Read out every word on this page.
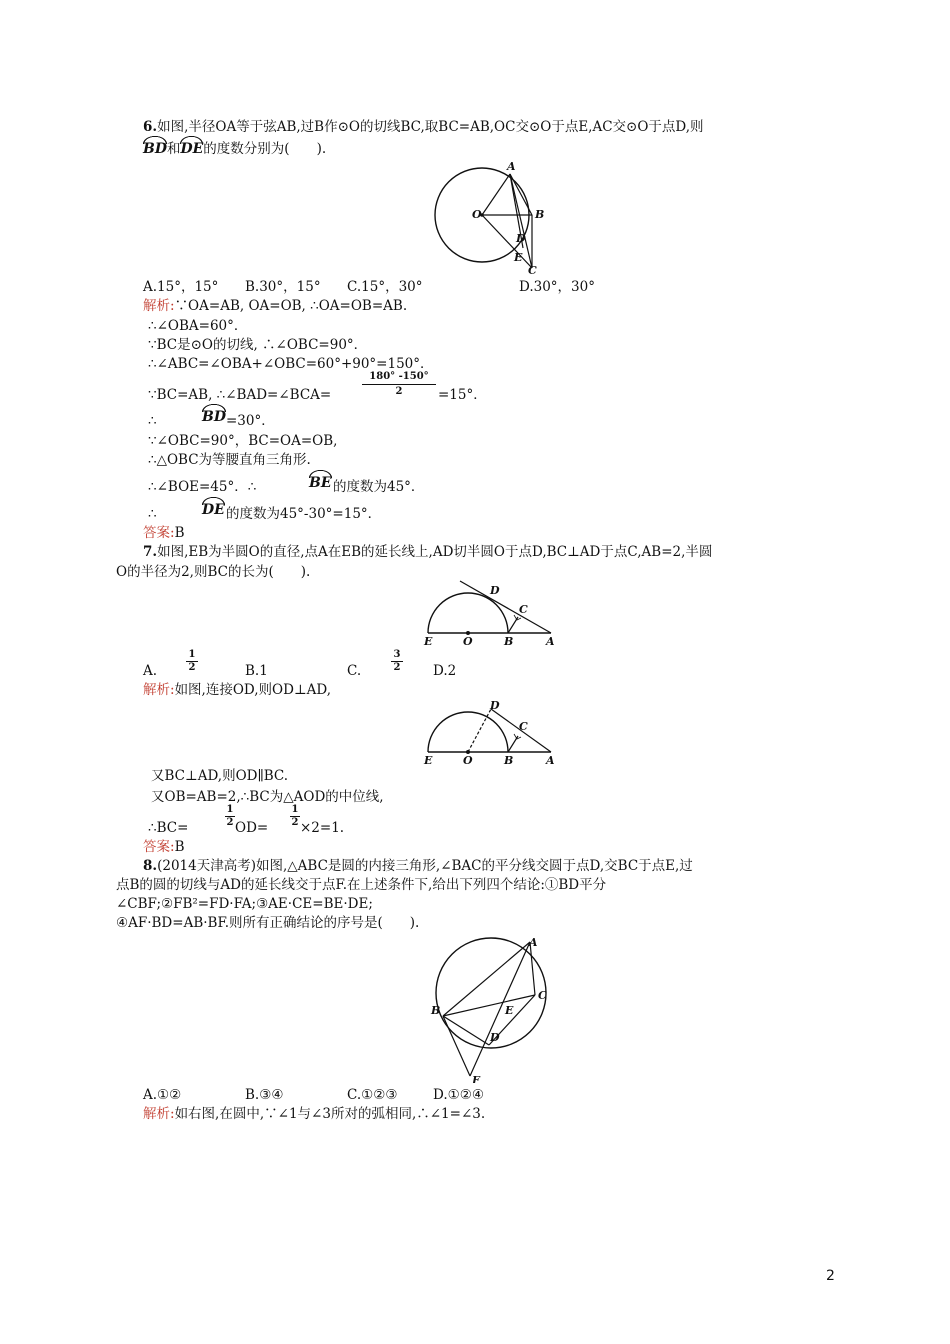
6.如图,半径OA等于弦AB,过B作⊙O的切线BC,取BC=AB,OC交⊙O于点E,AC交⊙O于点D,则
BD和DE的度数分别为(　　).
A
O	B
D
E
C
A.15°，15° B.30°，15° C.15°，30°	D.30°，30°
解析:∵OA=AB, OA=OB, ∴OA=OB=AB.
∴∠OBA=60°．
∵BC是⊙O的切线, ∴∠OBC=90°．
∴∠ABC=∠OBA+∠OBC=60°+90°=150°．
∵BC=AB, ∴∠BAD=∠BCA=
180° -150°
2	=15°．
∴	BD =30°．
∵∠OBC=90°，BC=OA=OB,
∴△OBC为等腰直角三角形.
∴∠BOE=45°．∴	BE 的度数为45°．
∴	DE 的度数为45°-30°=15°．
答案:B
7.如图,EB为半圆O的直径,点A在EB的延长线上,AD切半圆O于点D,BC⊥AD于点C,AB=2,半圆
O的半径为2,则BC的长为(　　).
D
C
E	O	B	A
A.
1
2	B.1	C.
3
2 D.2
解析:如图,连接OD,则OD⊥AD,
D
C
E	O	B	A
又BC⊥AD,则OD∥BC.
又OB=AB=2,∴BC为△AOD的中位线,
∴BC=
1
2 OD=
1
2 ×2=1.
答案:B
8.(2014天津高考)如图,△ABC是圆的内接三角形,∠BAC的平分线交圆于点D,交BC于点E,过
点B的圆的切线与AD的延长线交于点F.在上述条件下,给出下列四个结论:①BD平分
∠CBF;②FB²=FD·FA;③AE·CE=BE·DE;
④AF·BD=AB·BF.则所有正确结论的序号是(　　).
A
B	E
C
D
F
A.①②	B.③④	C.①②③	D.①②④
解析:如右图,在圆中,∵∠1与∠3所对的弧相同,∴∠1=∠3.
2
